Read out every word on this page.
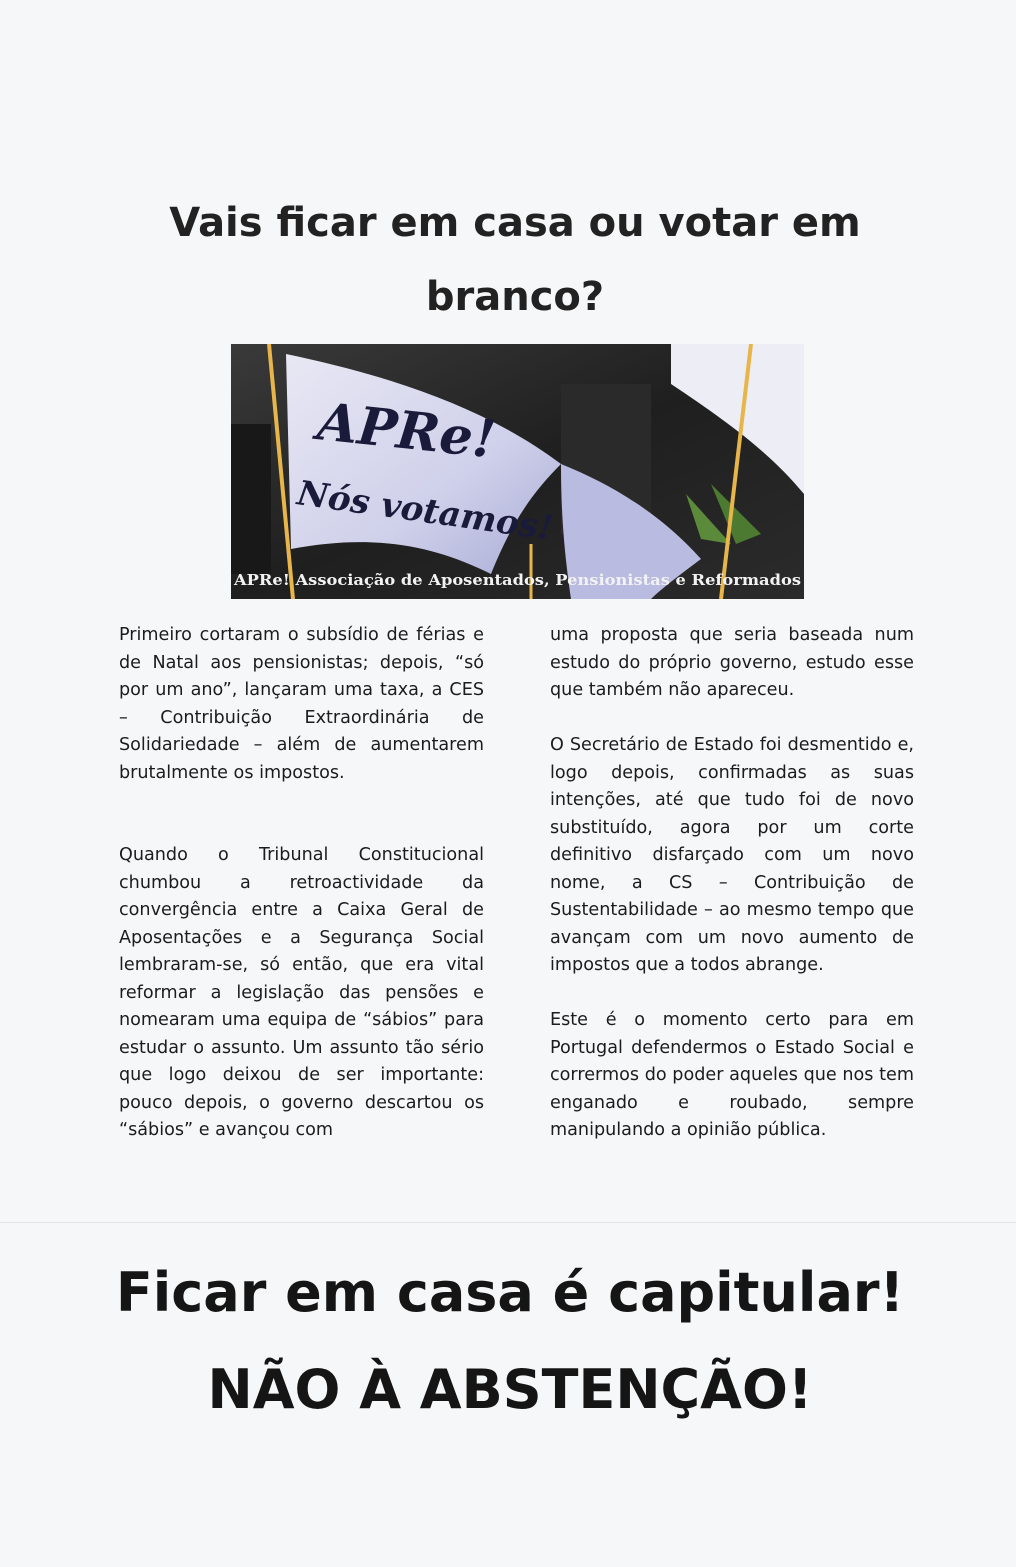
Vais ficar em casa ou votar em branco?
APRe!
Nós votamos!
APRe! Associação de Aposentados, Pensionistas e Reformados

Primeiro cortaram o subsídio de férias e de Natal aos pensionistas; depois, “só por um ano”, lançaram uma taxa, a CES – Contribuição Extraordinária de Solidariedade – além de aumentarem brutalmente os impostos.

Quando o Tribunal Constitucional chumbou a retroactividade da convergência entre a Caixa Geral de Aposentações e a Segurança Social lembraram-se, só então, que era vital reformar a legislação das pensões e nomearam uma equipa de “sábios” para estudar o assunto. Um assunto tão sério que logo deixou de ser importante: pouco depois, o governo descartou os “sábios” e avançou com

uma proposta que seria baseada num estudo do próprio governo, estudo esse que também não apareceu.

O Secretário de Estado foi desmentido e, logo depois, confirmadas as suas intenções, até que tudo foi de novo substituído, agora por um corte definitivo disfarçado com um novo nome, a CS – Contribuição de Sustentabilidade – ao mesmo tempo que avançam com um novo aumento de impostos que a todos abrange.

Este é o momento certo para em Portugal defendermos o Estado Social e corrermos do poder aqueles que nos tem enganado e roubado, sempre manipulando a opinião pública.

Ficar em casa é capitular!
NÃO À ABSTENÇÃO!
